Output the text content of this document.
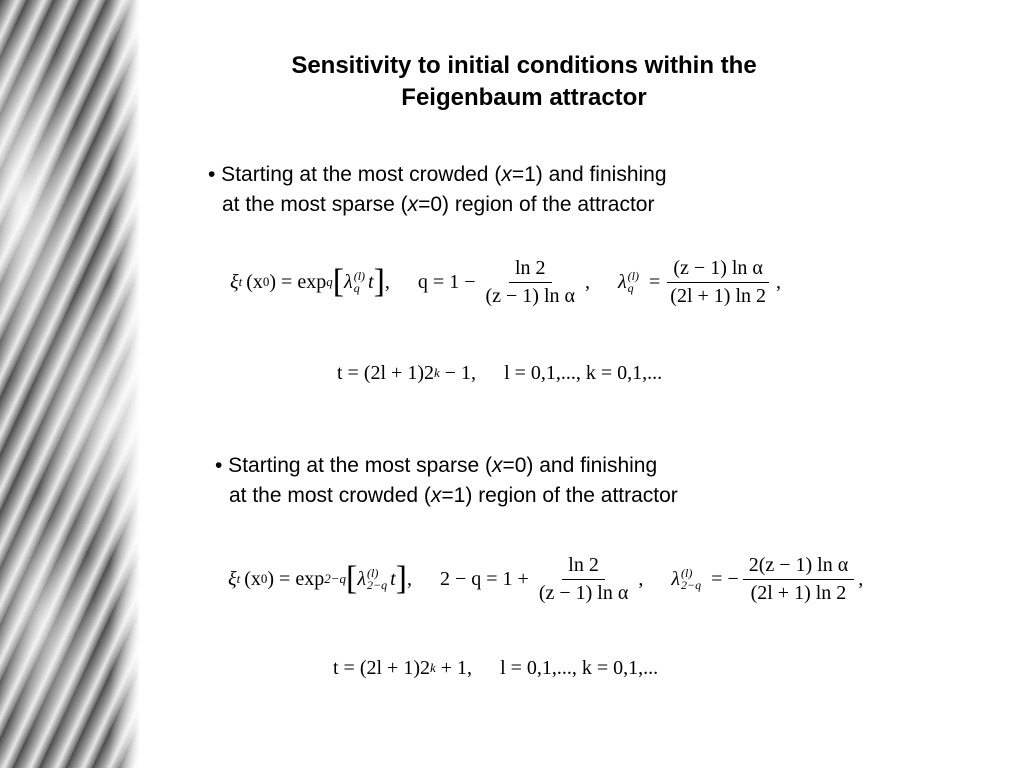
Sensitivity to initial conditions within the
Feigenbaum attractor
• Starting at the most crowded (x=1) and finishing
at the most sparse (x=0) region of the attractor
ξ t (x 0 ) = exp q [ λ (l)
q t ] , $q = 1 - \frac{\ln 2}{\text{(z − 1) ln α}}$ , λ (l)
$q = \frac{\text{(z − 1) ln α}}{(2l + 1) \ln 2}$ ,
t = (2l + 1)2 k − 1, l = 0,1,..., k = 0,1,...
• Starting at the most sparse (x=0) and finishing
at the most crowded (x=1) region of the attractor
ξ t (x 0 ) = exp 2−q [ λ (l)
2−q t ] , $2 - q = 1 + \frac{\ln 2}{\text{(z − 1) ln α}}$ , λ (l)
2−q = − $\frac{\text{2(z − 1) ln α}}{(2l + 1) \ln 2}$ ,
t = (2l + 1)2 k + 1, l = 0,1,..., k = 0,1,...
